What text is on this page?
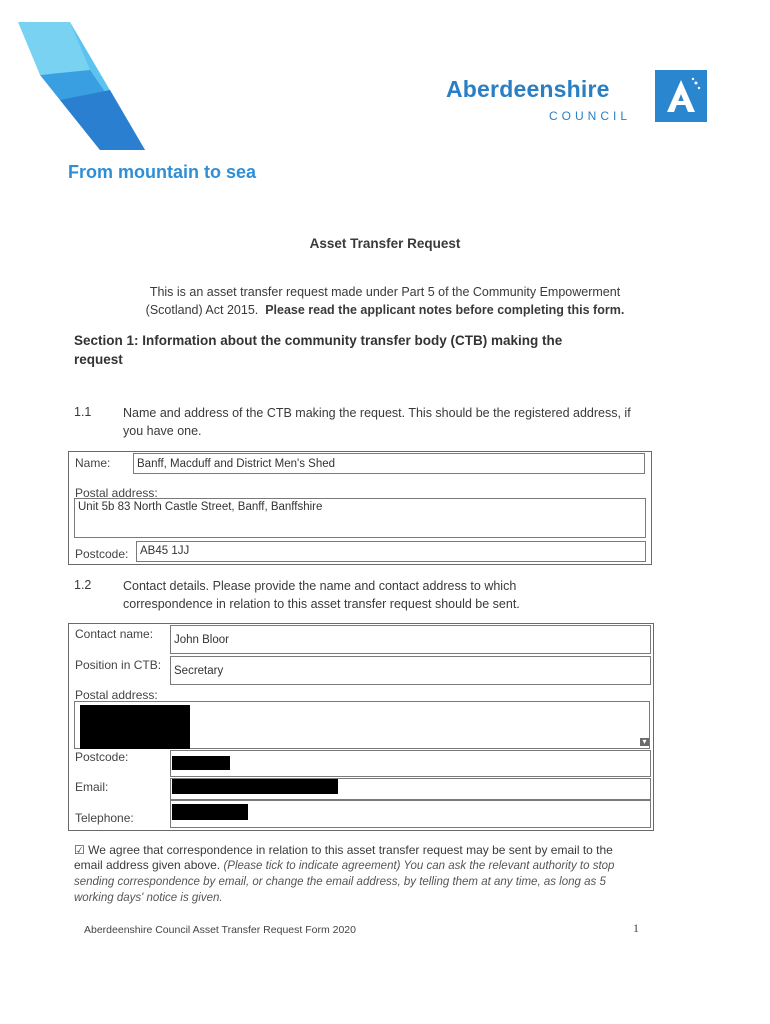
From mountain to sea
Aberdeenshire
COUNCIL
Asset Transfer Request
This is an asset transfer request made under Part 5 of the Community Empowerment
(Scotland) Act 2015. Please read the applicant notes before completing this form.
Section 1: Information about the community transfer body (CTB) making the
request
1.1	Name and address of the CTB making the request. This should be the registered address, if you have one.
Name:	Banff, Macduff and District Men's Shed
Postal address:
Unit 5b 83 North Castle Street, Banff, Banffshire
Postcode:	AB45 1JJ
1.2	Contact details. Please provide the name and contact address to which correspondence in relation to this asset transfer request should be sent.
Contact name:	John Bloor
Position in CTB:	Secretary
Postal address:
▾
Postcode:
Email:
Telephone:
☑ We agree that correspondence in relation to this asset transfer request may be sent by email to the email address given above. (Please tick to indicate agreement) You can ask the relevant authority to stop sending correspondence by email, or change the email address, by telling them at any time, as long as 5 working days' notice is given.
Aberdeenshire Council Asset Transfer Request Form 2020	1
